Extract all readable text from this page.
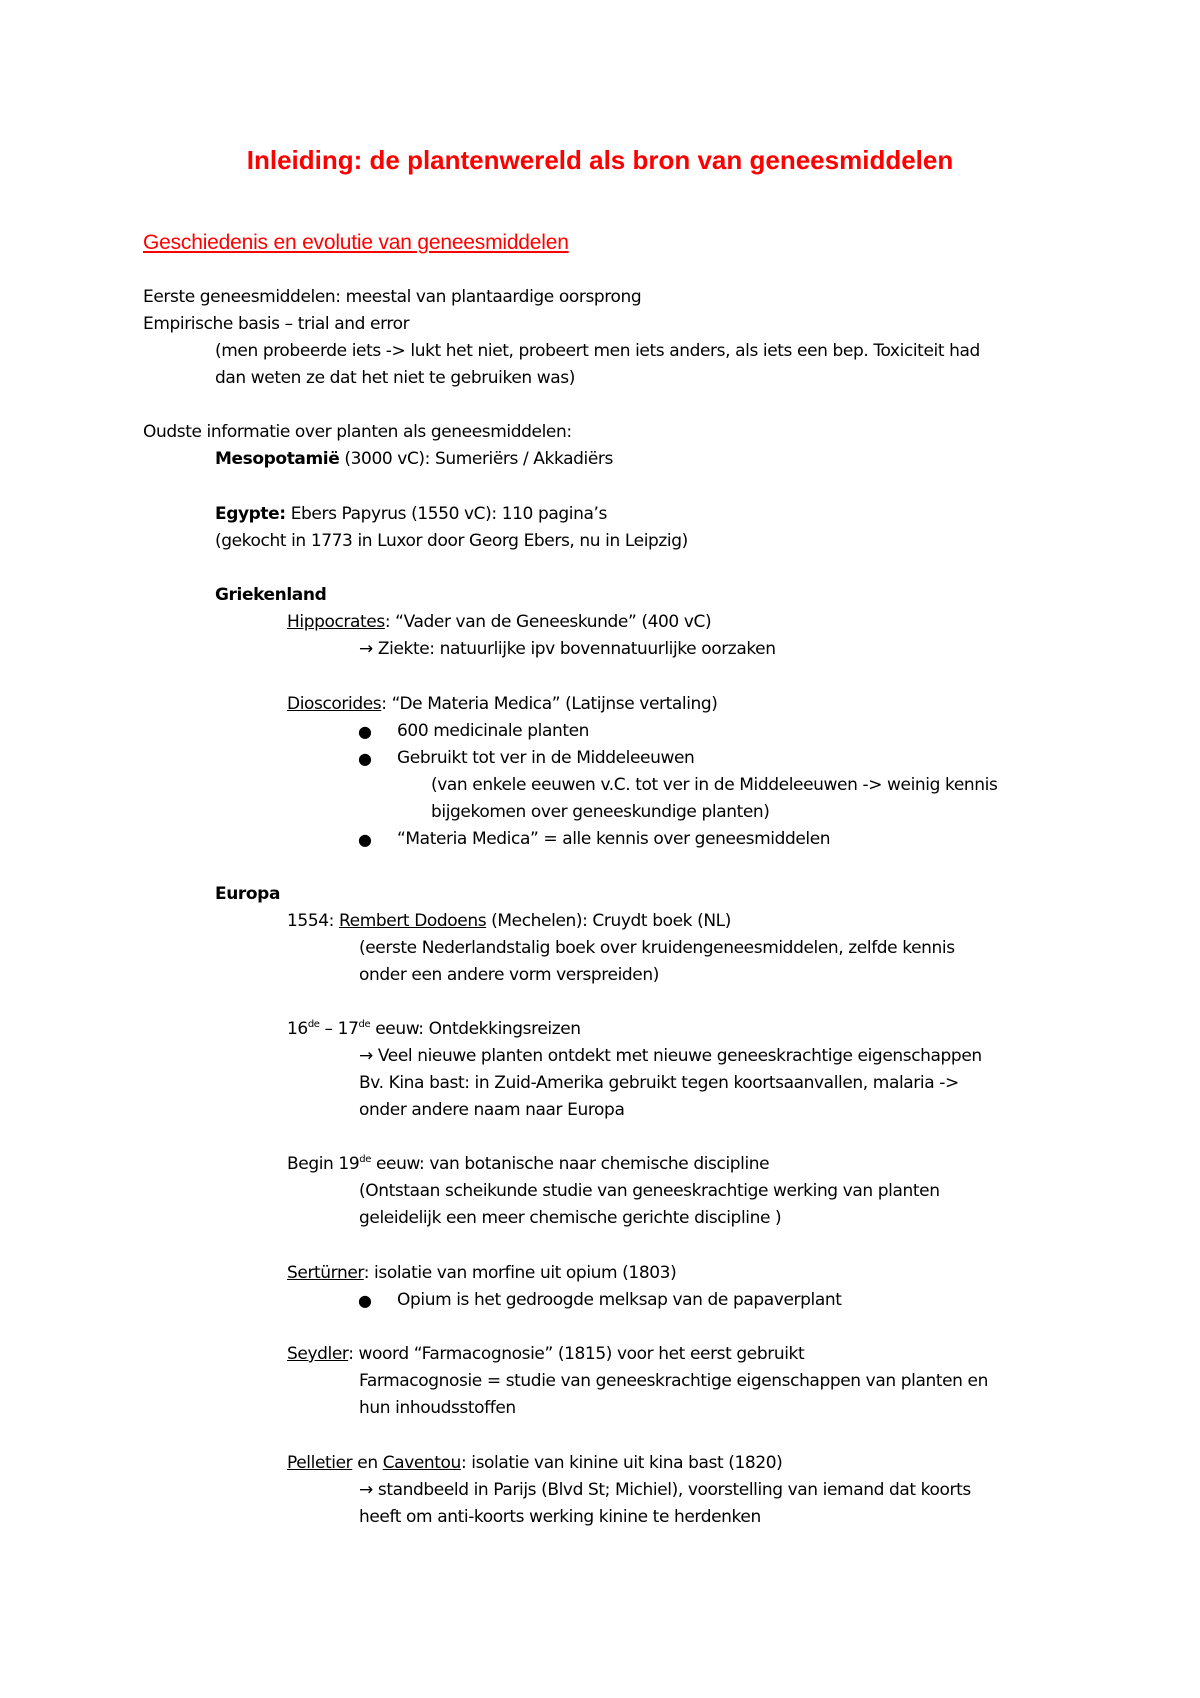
Inleiding: de plantenwereld als bron van geneesmiddelen
Geschiedenis en evolutie van geneesmiddelen
Eerste geneesmiddelen: meestal van plantaardige oorsprong
Empirische basis – trial and error
(men probeerde iets -> lukt het niet, probeert men iets anders, als iets een bep. Toxiciteit had
dan weten ze dat het niet te gebruiken was)
Oudste informatie over planten als geneesmiddelen:
Mesopotamië (3000 vC): Sumeriërs / Akkadiërs
Egypte: Ebers Papyrus (1550 vC): 110 pagina’s
(gekocht in 1773 in Luxor door Georg Ebers, nu in Leipzig)
Griekenland
Hippocrates: “Vader van de Geneeskunde” (400 vC)
→ Ziekte: natuurlijke ipv bovennatuurlijke oorzaken
Dioscorides: “De Materia Medica” (Latijnse vertaling)
● 600 medicinale planten
● Gebruikt tot ver in de Middeleeuwen
(van enkele eeuwen v.C. tot ver in de Middeleeuwen -> weinig kennis
bijgekomen over geneeskundige planten)
● “Materia Medica” = alle kennis over geneesmiddelen
Europa
1554: Rembert Dodoens (Mechelen): Cruydt boek (NL)
(eerste Nederlandstalig boek over kruidengeneesmiddelen, zelfde kennis
onder een andere vorm verspreiden)
16de – 17de eeuw: Ontdekkingsreizen
→ Veel nieuwe planten ontdekt met nieuwe geneeskrachtige eigenschappen
Bv. Kina bast: in Zuid-Amerika gebruikt tegen koortsaanvallen, malaria ->
onder andere naam naar Europa
Begin 19de eeuw: van botanische naar chemische discipline
(Ontstaan scheikunde studie van geneeskrachtige werking van planten
geleidelijk een meer chemische gerichte discipline )
Sertürner: isolatie van morfine uit opium (1803)
● Opium is het gedroogde melksap van de papaverplant
Seydler: woord “Farmacognosie” (1815) voor het eerst gebruikt
Farmacognosie = studie van geneeskrachtige eigenschappen van planten en
hun inhoudsstoffen
Pelletier en Caventou: isolatie van kinine uit kina bast (1820)
→ standbeeld in Parijs (Blvd St; Michiel), voorstelling van iemand dat koorts
heeft om anti-koorts werking kinine te herdenken
